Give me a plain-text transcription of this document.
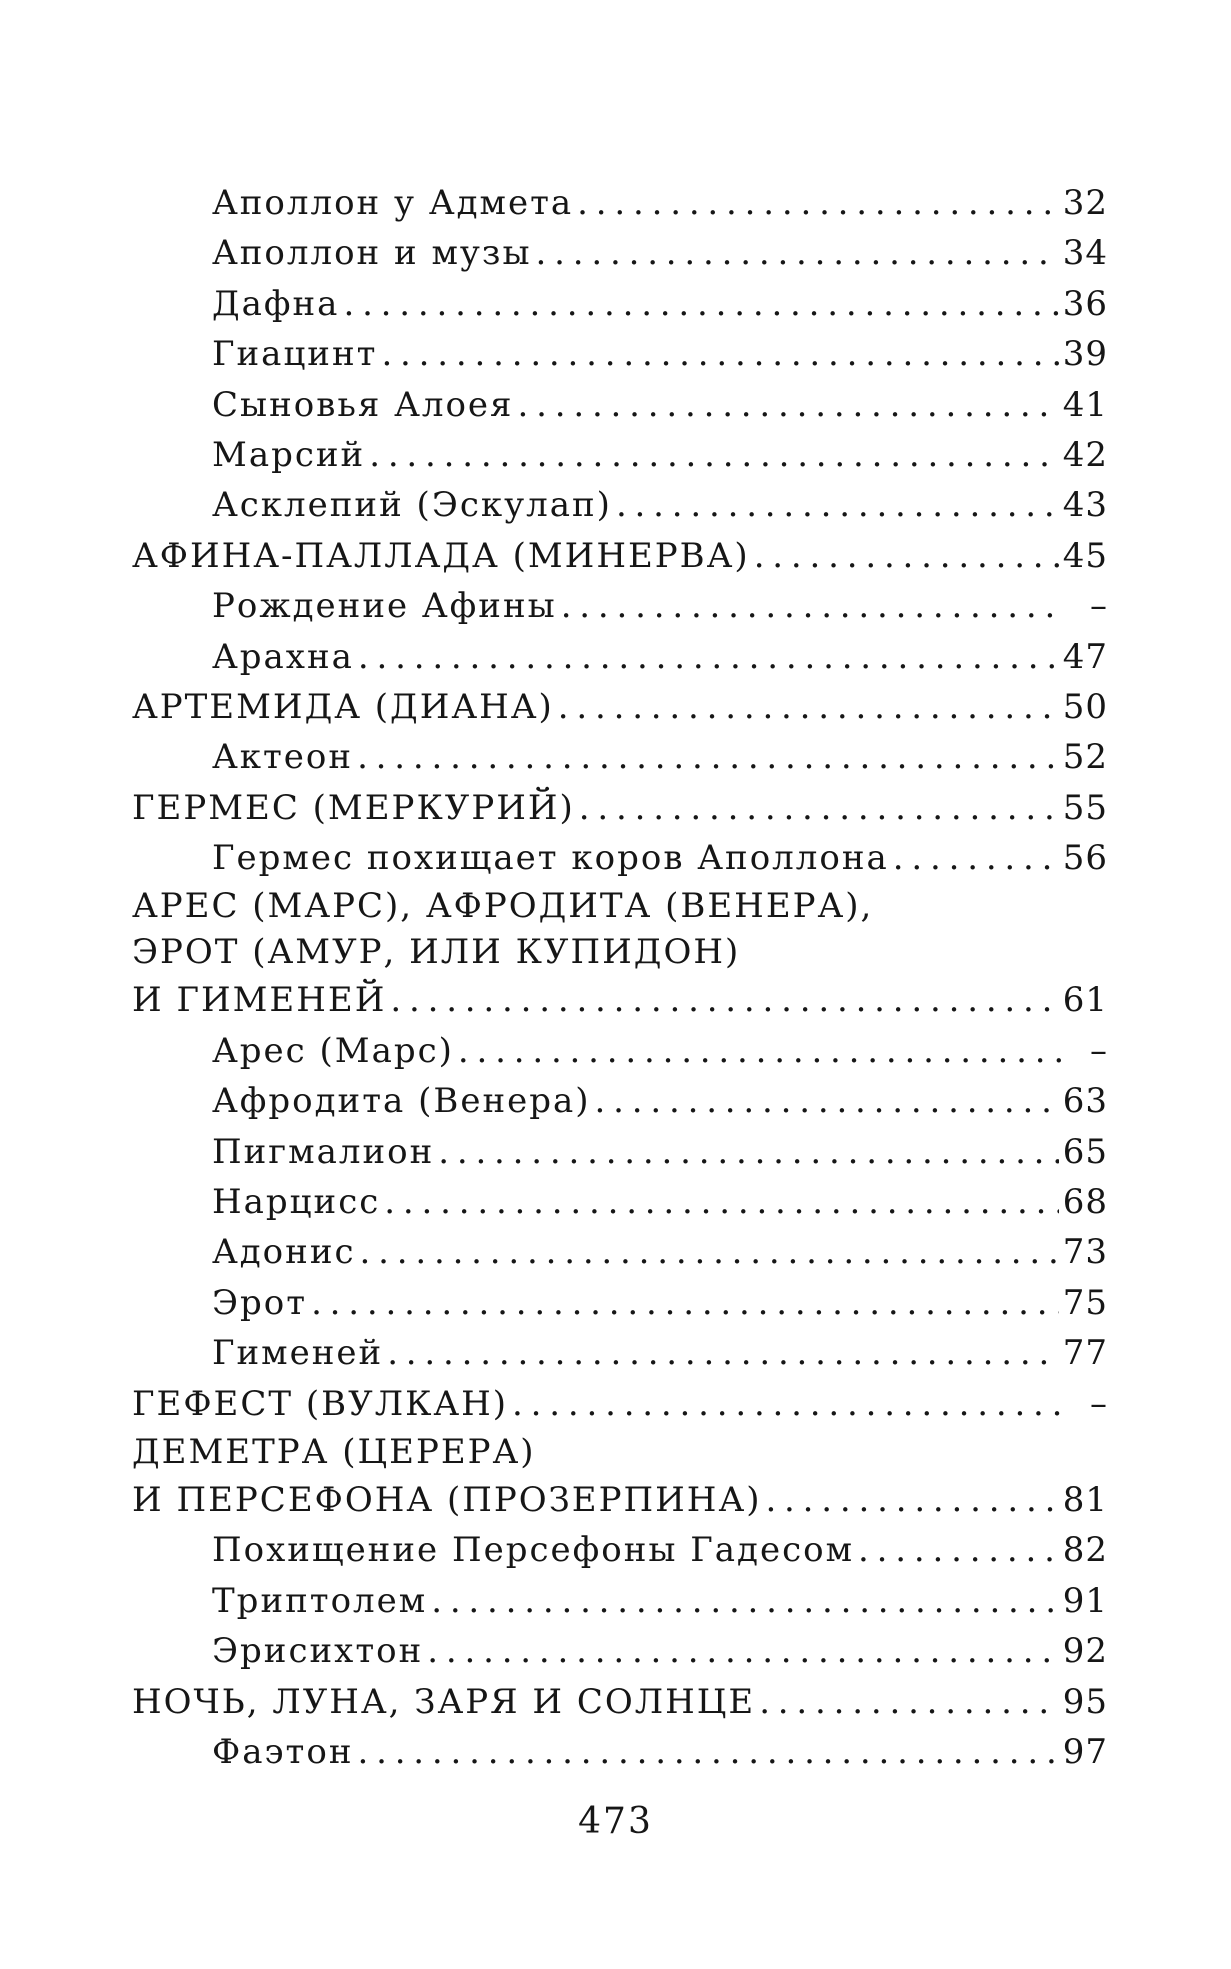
Аполлон у Адмета .....	32
Аполлон и музы .....	34
Дафна .....	36
Гиацинт .....	39
Сыновья Алоея .....	41
Марсий .....	42
Асклепий (Эскулап) .....	43
АФИНА-ПАЛЛАДА (МИНЕРВА) .....	45
Рождение Афины .....	–
Арахна .....	47
АРТЕМИДА (ДИАНА) .....	50
Актеон .....	52
ГЕРМЕС (МЕРКУРИЙ) .....	55
Гермес похищает коров Аполлона .....	56
АРЕС (МАРС), АФРОДИТА (ВЕНЕРА),
ЭРОТ (АМУР, ИЛИ КУПИДОН)
И ГИМЕНЕЙ .....	61
Арес (Марс) .....	–
Афродита (Венера) .....	63
Пигмалион .....	65
Нарцисс .....	68
Адонис .....	73
Эрот .....	75
Гименей .....	77
ГЕФЕСТ (ВУЛКАН) .....	–
ДЕМЕТРА (ЦЕРЕРА)
И ПЕРСЕФОНА (ПРОЗЕРПИНА) .....	81
Похищение Персефоны Гадесом .....	82
Триптолем .....	91
Эрисихтон .....	92
НОЧЬ, ЛУНА, ЗАРЯ И СОЛНЦЕ .....	95
Фаэтон .....	97
473
